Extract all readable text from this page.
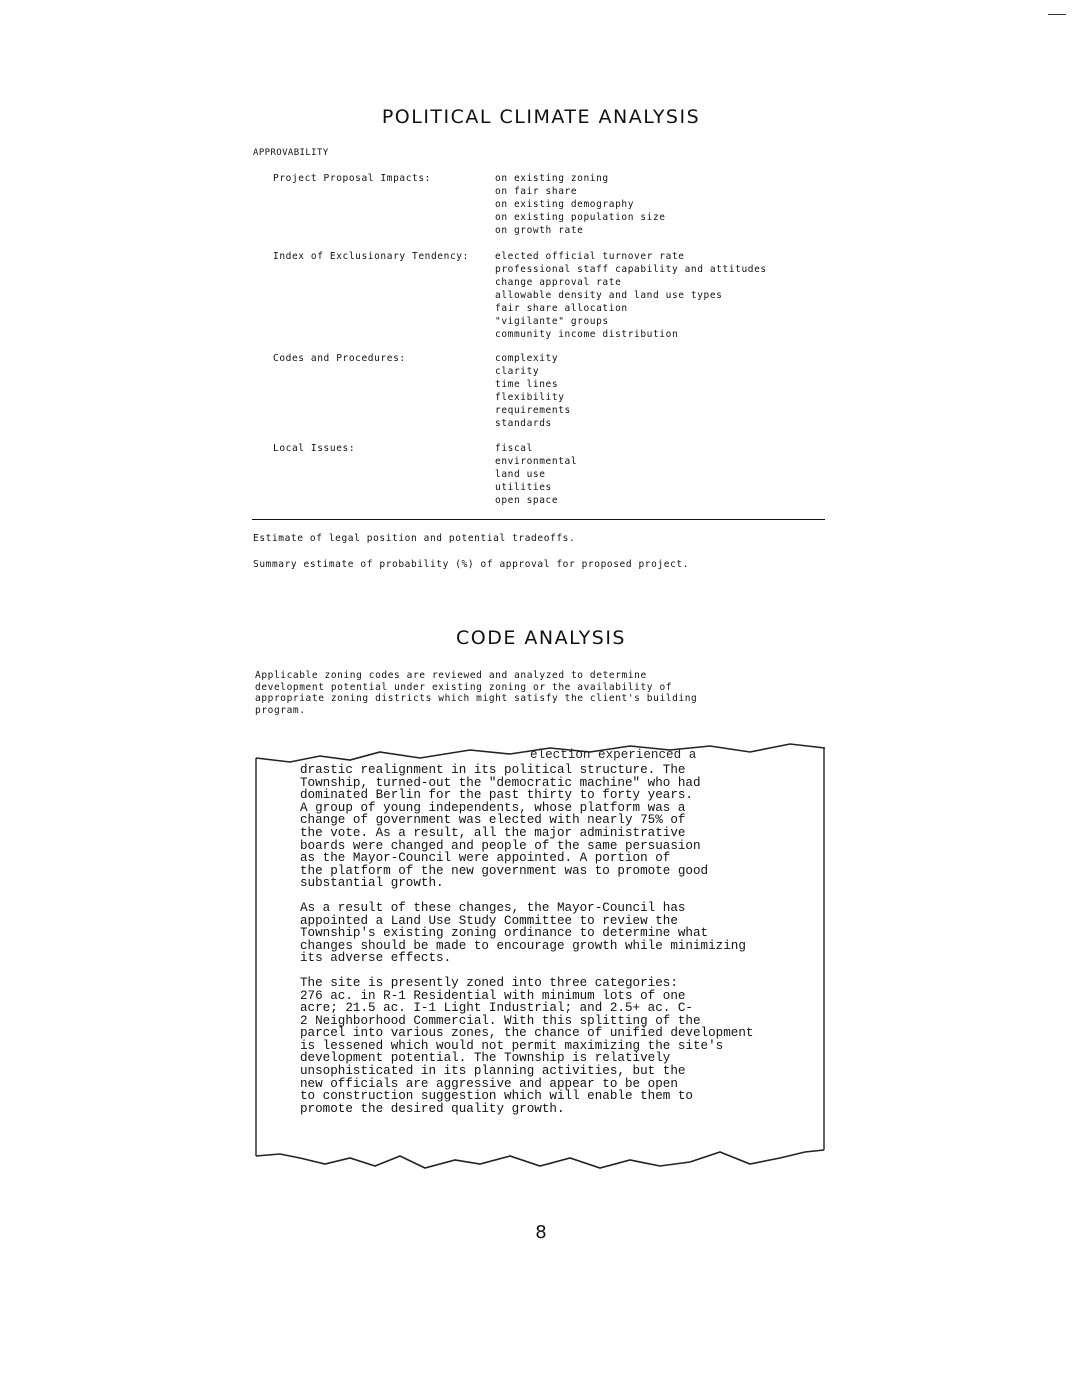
POLITICAL CLIMATE ANALYSIS
APPROVABILITY
Project Proposal Impacts:	on existing zoning
on fair share
on existing demography
on existing population size
on growth rate
Index of Exclusionary Tendency:	elected official turnover rate
professional staff capability and attitudes
change approval rate
allowable density and land use types
fair share allocation
"vigilante" groups
community income distribution
Codes and Procedures:	complexity
clarity
time lines
flexibility
requirements
standards
Local Issues:	fiscal
environmental
land use
utilities
open space
Estimate of legal position and potential tradeoffs.
Summary estimate of probability (%) of approval for proposed project.
CODE ANALYSIS
Applicable zoning codes are reviewed and analyzed to determine development potential under existing zoning or the availability of appropriate zoning districts which might satisfy the client's building program.
election experienced a
drastic realignment in its political structure. The
Township, turned-out the "democratic machine" who had
dominated Berlin for the past thirty to forty years.
A group of young independents, whose platform was a
change of government was elected with nearly 75% of
the vote. As a result, all the major administrative
boards were changed and people of the same persuasion
as the Mayor-Council were appointed. A portion of
the platform of the new government was to promote good
substantial growth.
As a result of these changes, the Mayor-Council has
appointed a Land Use Study Committee to review the
Township's existing zoning ordinance to determine what
changes should be made to encourage growth while minimizing
its adverse effects.
The site is presently zoned into three categories:
276 ac. in R-1 Residential with minimum lots of one
acre; 21.5 ac. I-1 Light Industrial; and 2.5+ ac. C-
2 Neighborhood Commercial. With this splitting of the
parcel into various zones, the chance of unified development
is lessened which would not permit maximizing the site's
development potential. The Township is relatively
unsophisticated in its planning activities, but the
new officials are aggressive and appear to be open
to construction suggestion which will enable them to
promote the desired quality growth.
8
